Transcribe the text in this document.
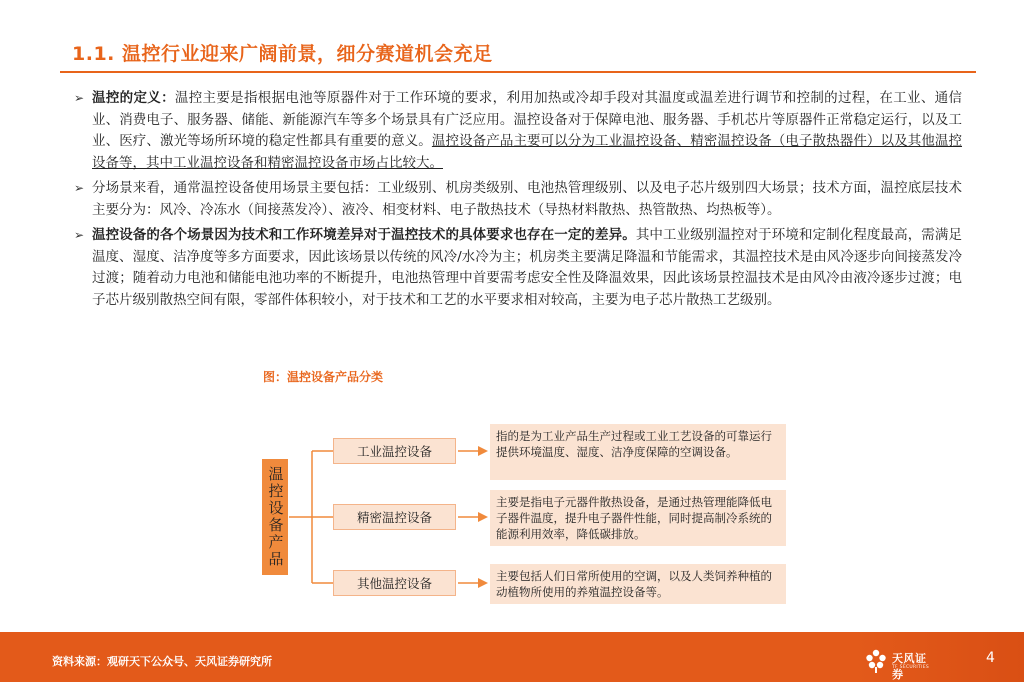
1.1. 温控行业迎来广阔前景，细分赛道机会充足
➢ 温控的定义：温控主要是指根据电池等原器件对于工作环境的要求，利用加热或冷却手段对其温度或温差进行调节和控制的过程，在工业、通信业、消费电子、服务器、储能、新能源汽车等多个场景具有广泛应用。温控设备对于保障电池、服务器、手机芯片等原器件正常稳定运行，以及工业、医疗、激光等场所环境的稳定性都具有重要的意义。温控设备产品主要可以分为工业温控设备、精密温控设备（电子散热器件）以及其他温控设备等，其中工业温控设备和精密温控设备市场占比较大。
➢ 分场景来看，通常温控设备使用场景主要包括：工业级别、机房类级别、电池热管理级别、以及电子芯片级别四大场景；技术方面，温控底层技术主要分为：风冷、冷冻水（间接蒸发冷）、液冷、相变材料、电子散热技术（导热材料散热、热管散热、均热板等）。
➢ 温控设备的各个场景因为技术和工作环境差异对于温控技术的具体要求也存在一定的差异。其中工业级别温控对于环境和定制化程度最高，需满足温度、湿度、洁净度等多方面要求，因此该场景以传统的风冷/水冷为主；机房类主要满足降温和节能需求，其温控技术是由风冷逐步向间接蒸发冷过渡；随着动力电池和储能电池功率的不断提升，电池热管理中首要需考虑安全性及降温效果，因此该场景控温技术是由风冷由液冷逐步过渡；电子芯片级别散热空间有限，零部件体积较小，对于技术和工艺的水平要求相对较高，主要为电子芯片散热工艺级别。
图：温控设备产品分类
温控设备产品
工业温控设备
精密温控设备
其他温控设备
指的是为工业产品生产过程或工业工艺设备的可靠运行提供环境温度、湿度、洁净度保障的空调设备。
主要是指电子元器件散热设备，是通过热管理能降低电子器件温度，提升电子器件性能，同时提高制冷系统的能源利用效率，降低碳排放。
主要包括人们日常所使用的空调，以及人类饲养种植的动植物所使用的养殖温控设备等。
资料来源：观研天下公众号、天风证券研究所	天风证券
TF SECURITIES
4
